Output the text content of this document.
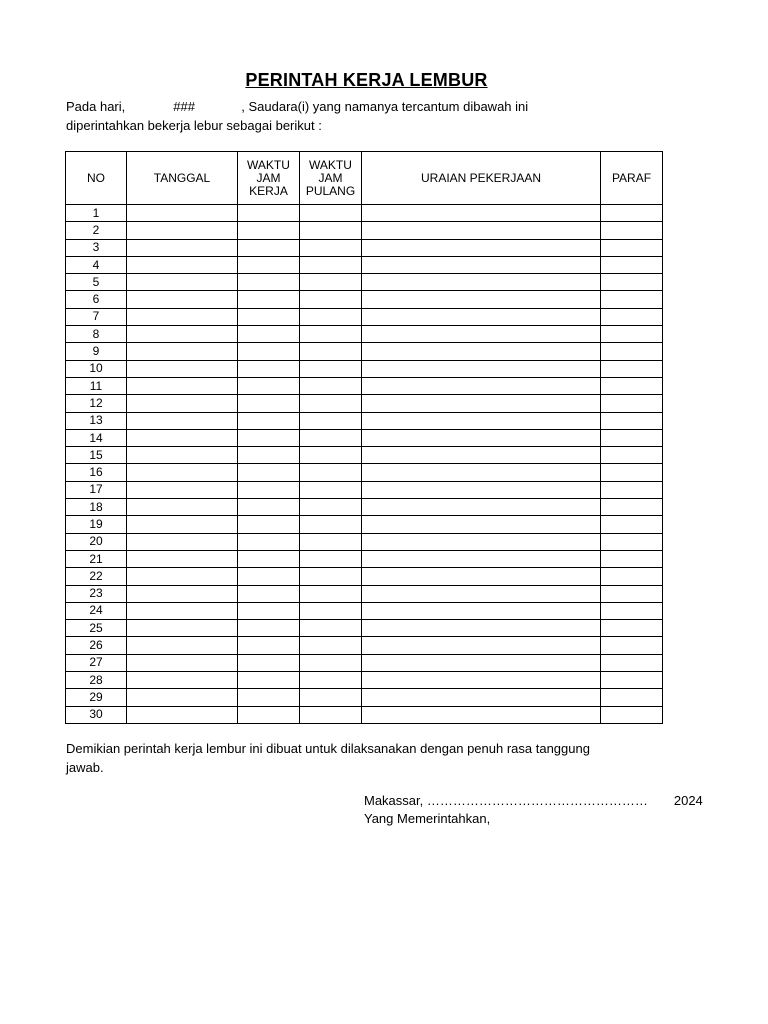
PERINTAH KERJA LEMBUR
Pada hari,	###	, Saudara(i) yang namanya tercantum dibawah ini
diperintahkan bekerja lebur sebagai berikut :
NO	TANGGAL	WAKTU
JAM
KERJA	WAKTU
JAM
PULANG	URAIAN PEKERJAAN	PARAF
1					
2					
3					
4					
5					
6					
7					
8					
9					
10					
11					
12					
13					
14					
15					
16					
17					
18					
19					
20					
21					
22					
23					
24					
25					
26					
27					
28					
29					
30					
Demikian perintah kerja lembur ini dibuat untuk dilaksanakan dengan penuh rasa tanggung jawab.
Makassar, …………………………………………… 2024
Yang Memerintahkan,
